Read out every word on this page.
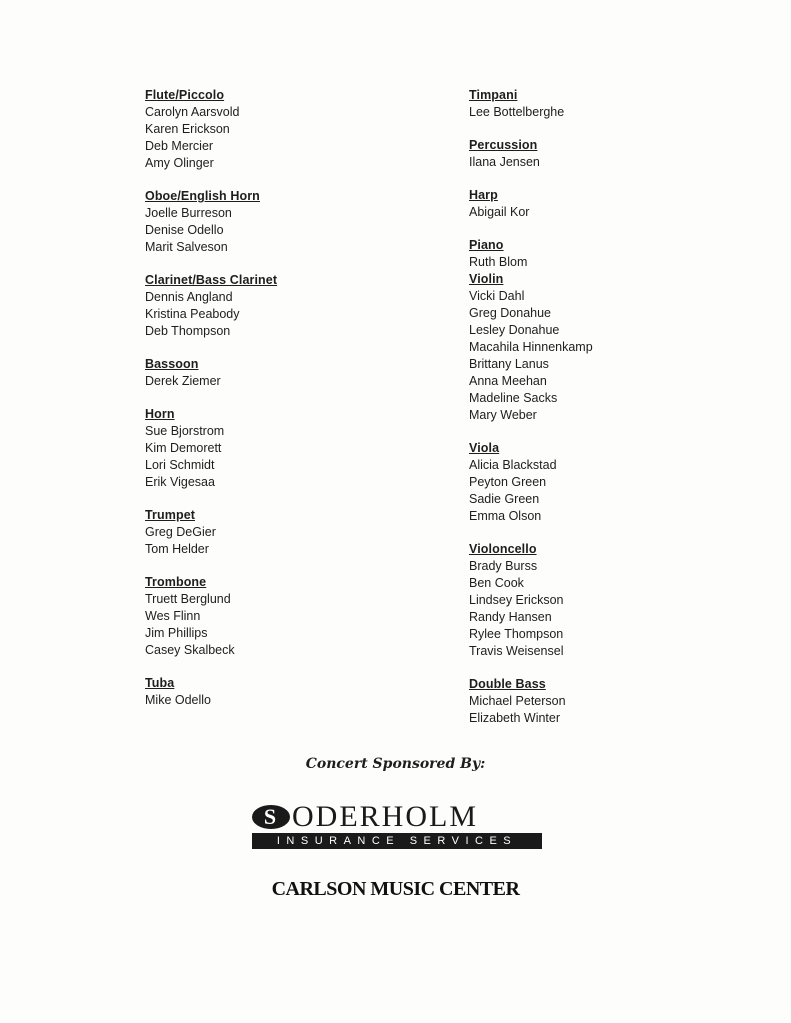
Flute/Piccolo
Carolyn Aarsvold
Karen Erickson
Deb Mercier
Amy Olinger
Oboe/English Horn
Joelle Burreson
Denise Odello
Marit Salveson
Clarinet/Bass Clarinet
Dennis Angland
Kristina Peabody
Deb Thompson
Bassoon
Derek Ziemer
Horn
Sue Bjorstrom
Kim Demorett
Lori Schmidt
Erik Vigesaa
Trumpet
Greg DeGier
Tom Helder
Trombone
Truett Berglund
Wes Flinn
Jim Phillips
Casey Skalbeck
Tuba
Mike Odello
Timpani
Lee Bottelberghe
Percussion
Ilana Jensen
Harp
Abigail Kor
Piano
Ruth Blom
Violin
Vicki Dahl
Greg Donahue
Lesley Donahue
Macahila Hinnenkamp
Brittany Lanus
Anna Meehan
Madeline Sacks
Mary Weber
Viola
Alicia Blackstad
Peyton Green
Sadie Green
Emma Olson
Violoncello
Brady Burss
Ben Cook
Lindsey Erickson
Randy Hansen
Rylee Thompson
Travis Weisensel
Double Bass
Michael Peterson
Elizabeth Winter
Concert Sponsored By:
S ODERHOLM
INSURANCE SERVICES
CARLSON MUSIC CENTER
